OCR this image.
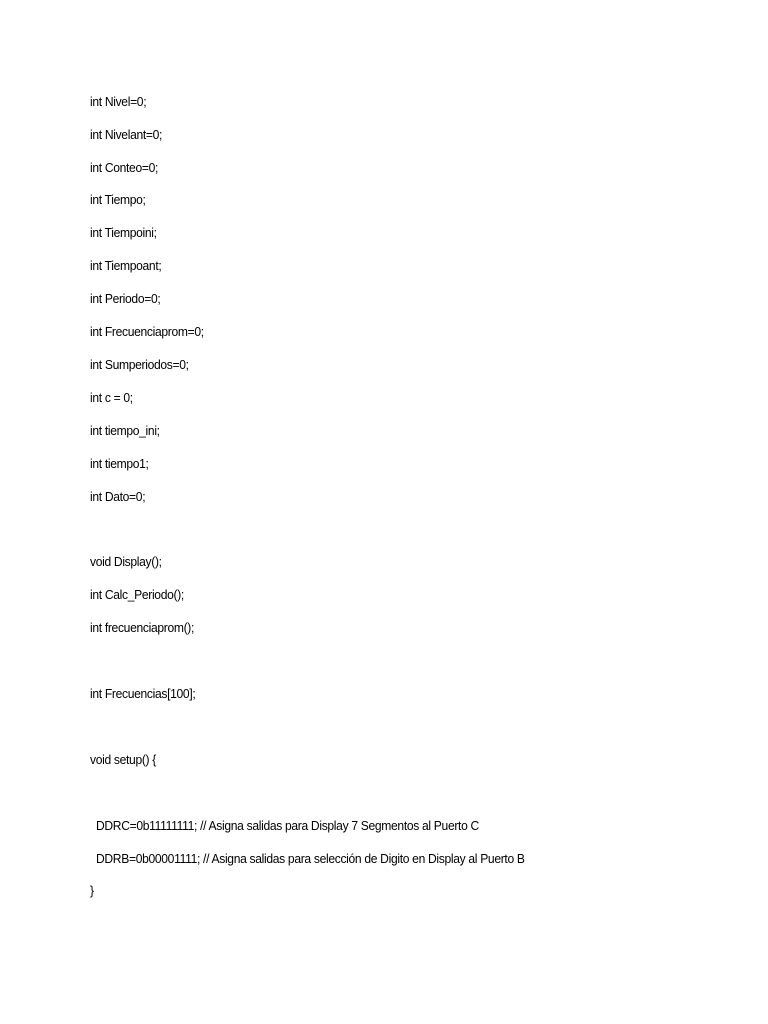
int Nivel=0;
int Nivelant=0;
int Conteo=0;
int Tiempo;
int Tiempoini;
int Tiempoant;
int Periodo=0;
int Frecuenciaprom=0;
int Sumperiodos=0;
int c = 0;
int tiempo_ini;
int tiempo1;
int Dato=0;
void Display();
int Calc_Periodo();
int frecuenciaprom();
int Frecuencias[100];
void setup() {
DDRC=0b11111111; // Asigna salidas para Display 7 Segmentos al Puerto C
DDRB=0b00001111; // Asigna salidas para selección de Digito en Display al Puerto B
}
